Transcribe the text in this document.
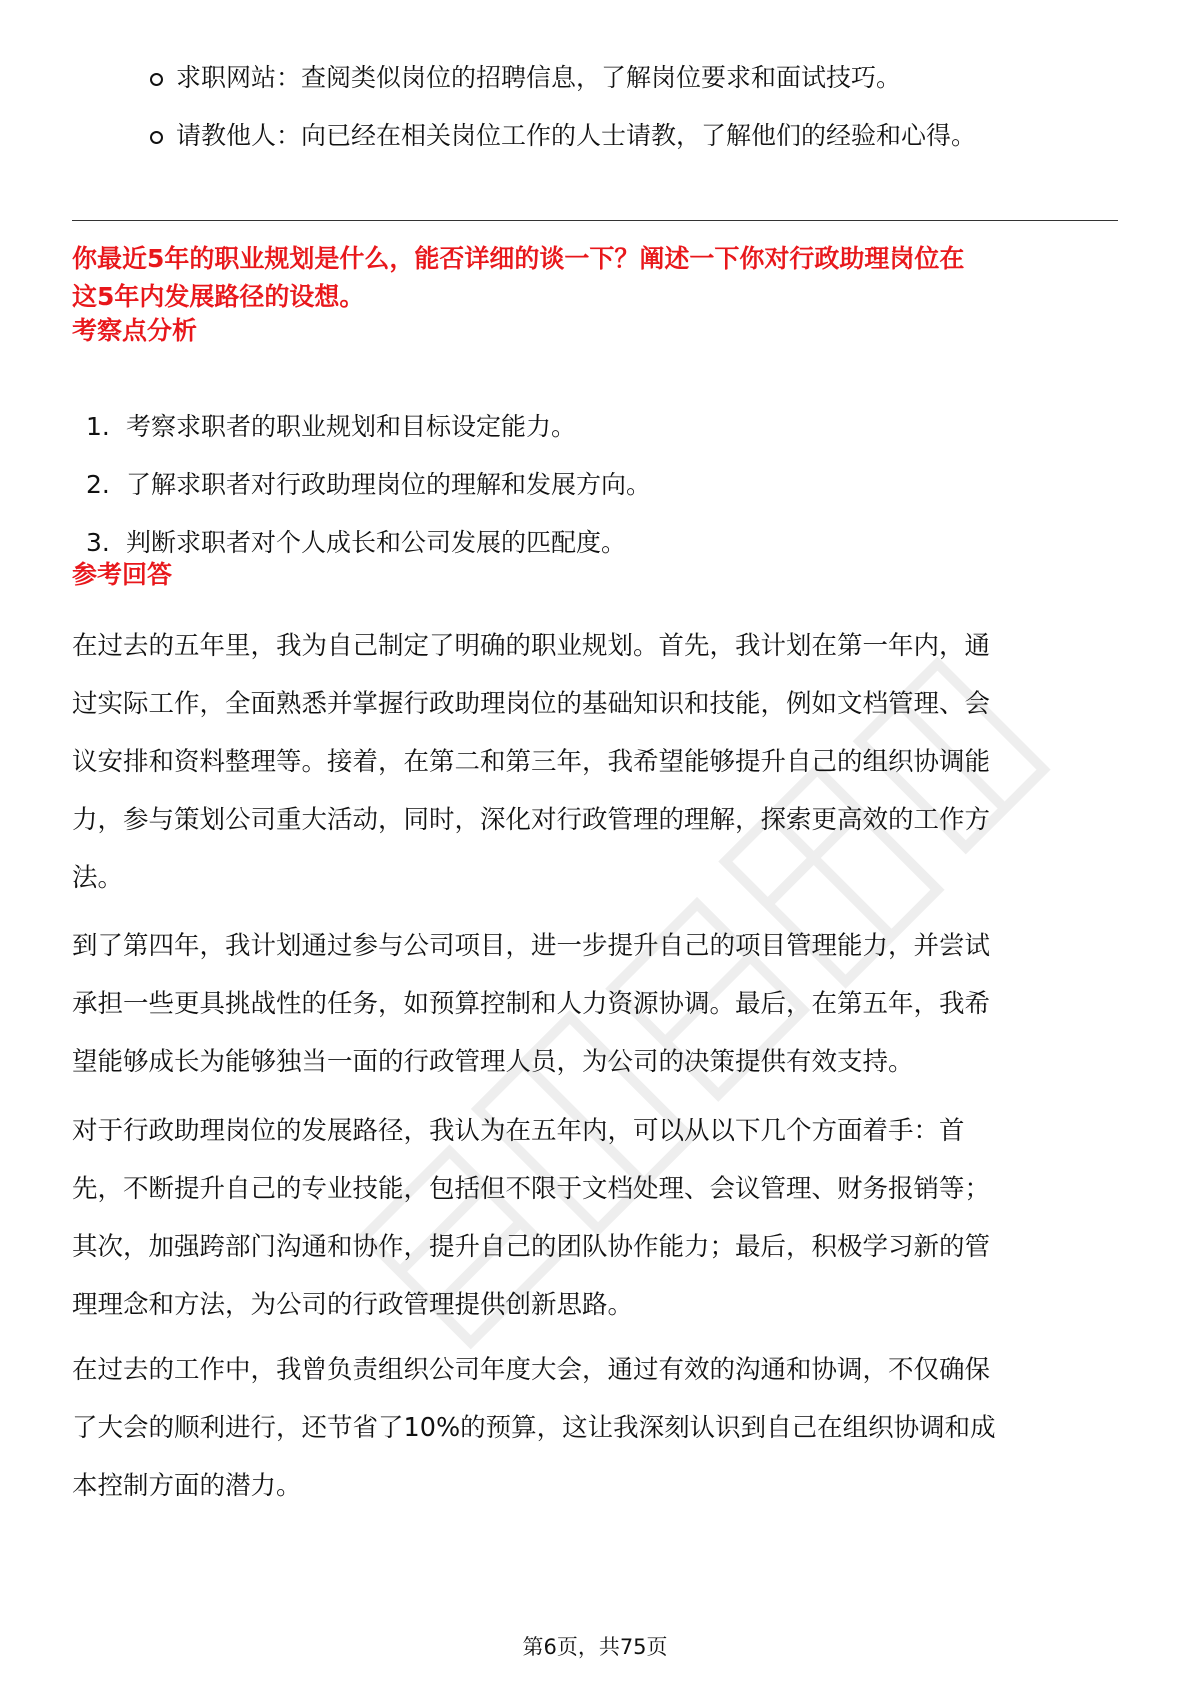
求职网站：查阅类似岗位的招聘信息，了解岗位要求和面试技巧。
请教他人：向已经在相关岗位工作的人士请教，了解他们的经验和心得。
你最近5年的职业规划是什么，能否详细的谈一下？阐述一下你对行政助理岗位在
这5年内发展路径的设想。
考察点分析
1. 考察求职者的职业规划和目标设定能力。
2. 了解求职者对行政助理岗位的理解和发展方向。
3. 判断求职者对个人成长和公司发展的匹配度。
参考回答
在过去的五年里，我为自己制定了明确的职业规划。首先，我计划在第一年内，通
过实际工作，全面熟悉并掌握行政助理岗位的基础知识和技能，例如文档管理、会
议安排和资料整理等。接着，在第二和第三年，我希望能够提升自己的组织协调能
力，参与策划公司重大活动，同时，深化对行政管理的理解，探索更高效的工作方
法。
到了第四年，我计划通过参与公司项目，进一步提升自己的项目管理能力，并尝试
承担一些更具挑战性的任务，如预算控制和人力资源协调。最后，在第五年，我希
望能够成长为能够独当一面的行政管理人员，为公司的决策提供有效支持。
对于行政助理岗位的发展路径，我认为在五年内，可以从以下几个方面着手：首
先，不断提升自己的专业技能，包括但不限于文档处理、会议管理、财务报销等；
其次，加强跨部门沟通和协作，提升自己的团队协作能力；最后，积极学习新的管
理理念和方法，为公司的行政管理提供创新思路。
在过去的工作中，我曾负责组织公司年度大会，通过有效的沟通和协调，不仅确保
了大会的顺利进行，还节省了10%的预算，这让我深刻认识到自己在组织协调和成
本控制方面的潜力。
第6页，共75页
